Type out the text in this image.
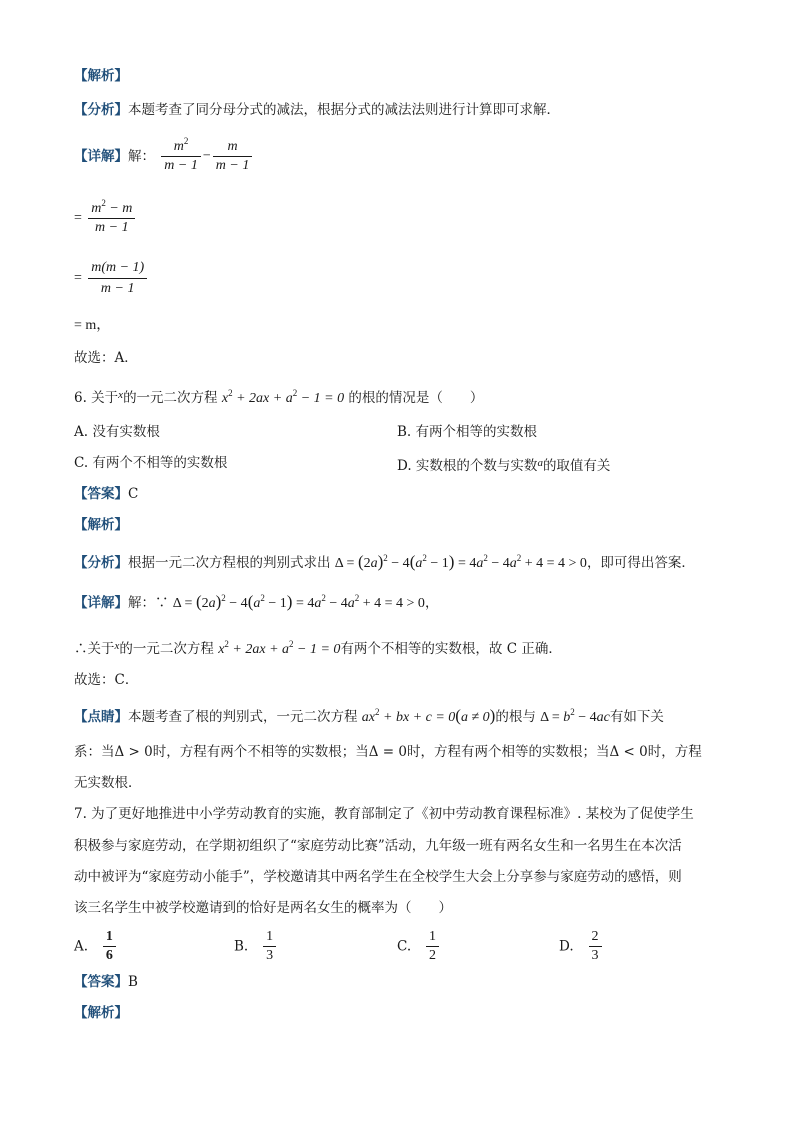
【解析】
【分析】本题考查了同分母分式的减法，根据分式的减法法则进行计算即可求解．
【详解】解： $\frac{m^2}{m - 1} - \frac{m}{m - 1}$
= $\frac{m^2 - m}{m - 1}$
= $\frac{m(m - 1)}{m - 1}$
= m，
故选：A．
6. 关于$^x$的一元二次方程 $x^2 + 2ax + a^2 - 1 = 0$ 的根的情况是（　　）
A. 没有实数根	B. 有两个相等的实数根
C. 有两个不相等的实数根	D. 实数根的个数与实数$^a$的取值有关
【答案】C
【解析】
【分析】根据一元二次方程根的判别式求出 $\Delta = (2a)^2 - 4(a^2 - 1) = 4a^2 - 4a^2 + 4 = 4 > 0$，即可得出答案．
【详解】解：∵ $\Delta = (2a)^2 - 4(a^2 - 1) = 4a^2 - 4a^2 + 4 = 4 > 0$，
∴关于$^x$的一元二次方程 $x^2 + 2ax + a^2 - 1 = 0$有两个不相等的实数根，故 C 正确．
故选：C．
【点睛】本题考查了根的判别式，一元二次方程 $ax^2$ + bx + c = 0(a ≠ 0)的根与 $\Delta = b^2 - 4ac$有如下关
系：当Δ > 0时，方程有两个不相等的实数根；当Δ = 0时，方程有两个相等的实数根；当Δ < 0时，方程
无实数根．
7. 为了更好地推进中小学劳动教育的实施，教育部制定了《初中劳动教育课程标准》. 某校为了促使学生
积极参与家庭劳动，在学期初组织了“家庭劳动比赛”活动，九年级一班有两名女生和一名男生在本次活
动中被评为“家庭劳动小能手”，学校邀请其中两名学生在全校学生大会上分享参与家庭劳动的感悟，则
该三名学生中被学校邀请到的恰好是两名女生的概率为（　　）
A. $\frac{1}{6}$	B. $\frac{1}{3}$	C. $\frac{1}{2}$	D. $\frac{2}{3}$
【答案】B
【解析】
